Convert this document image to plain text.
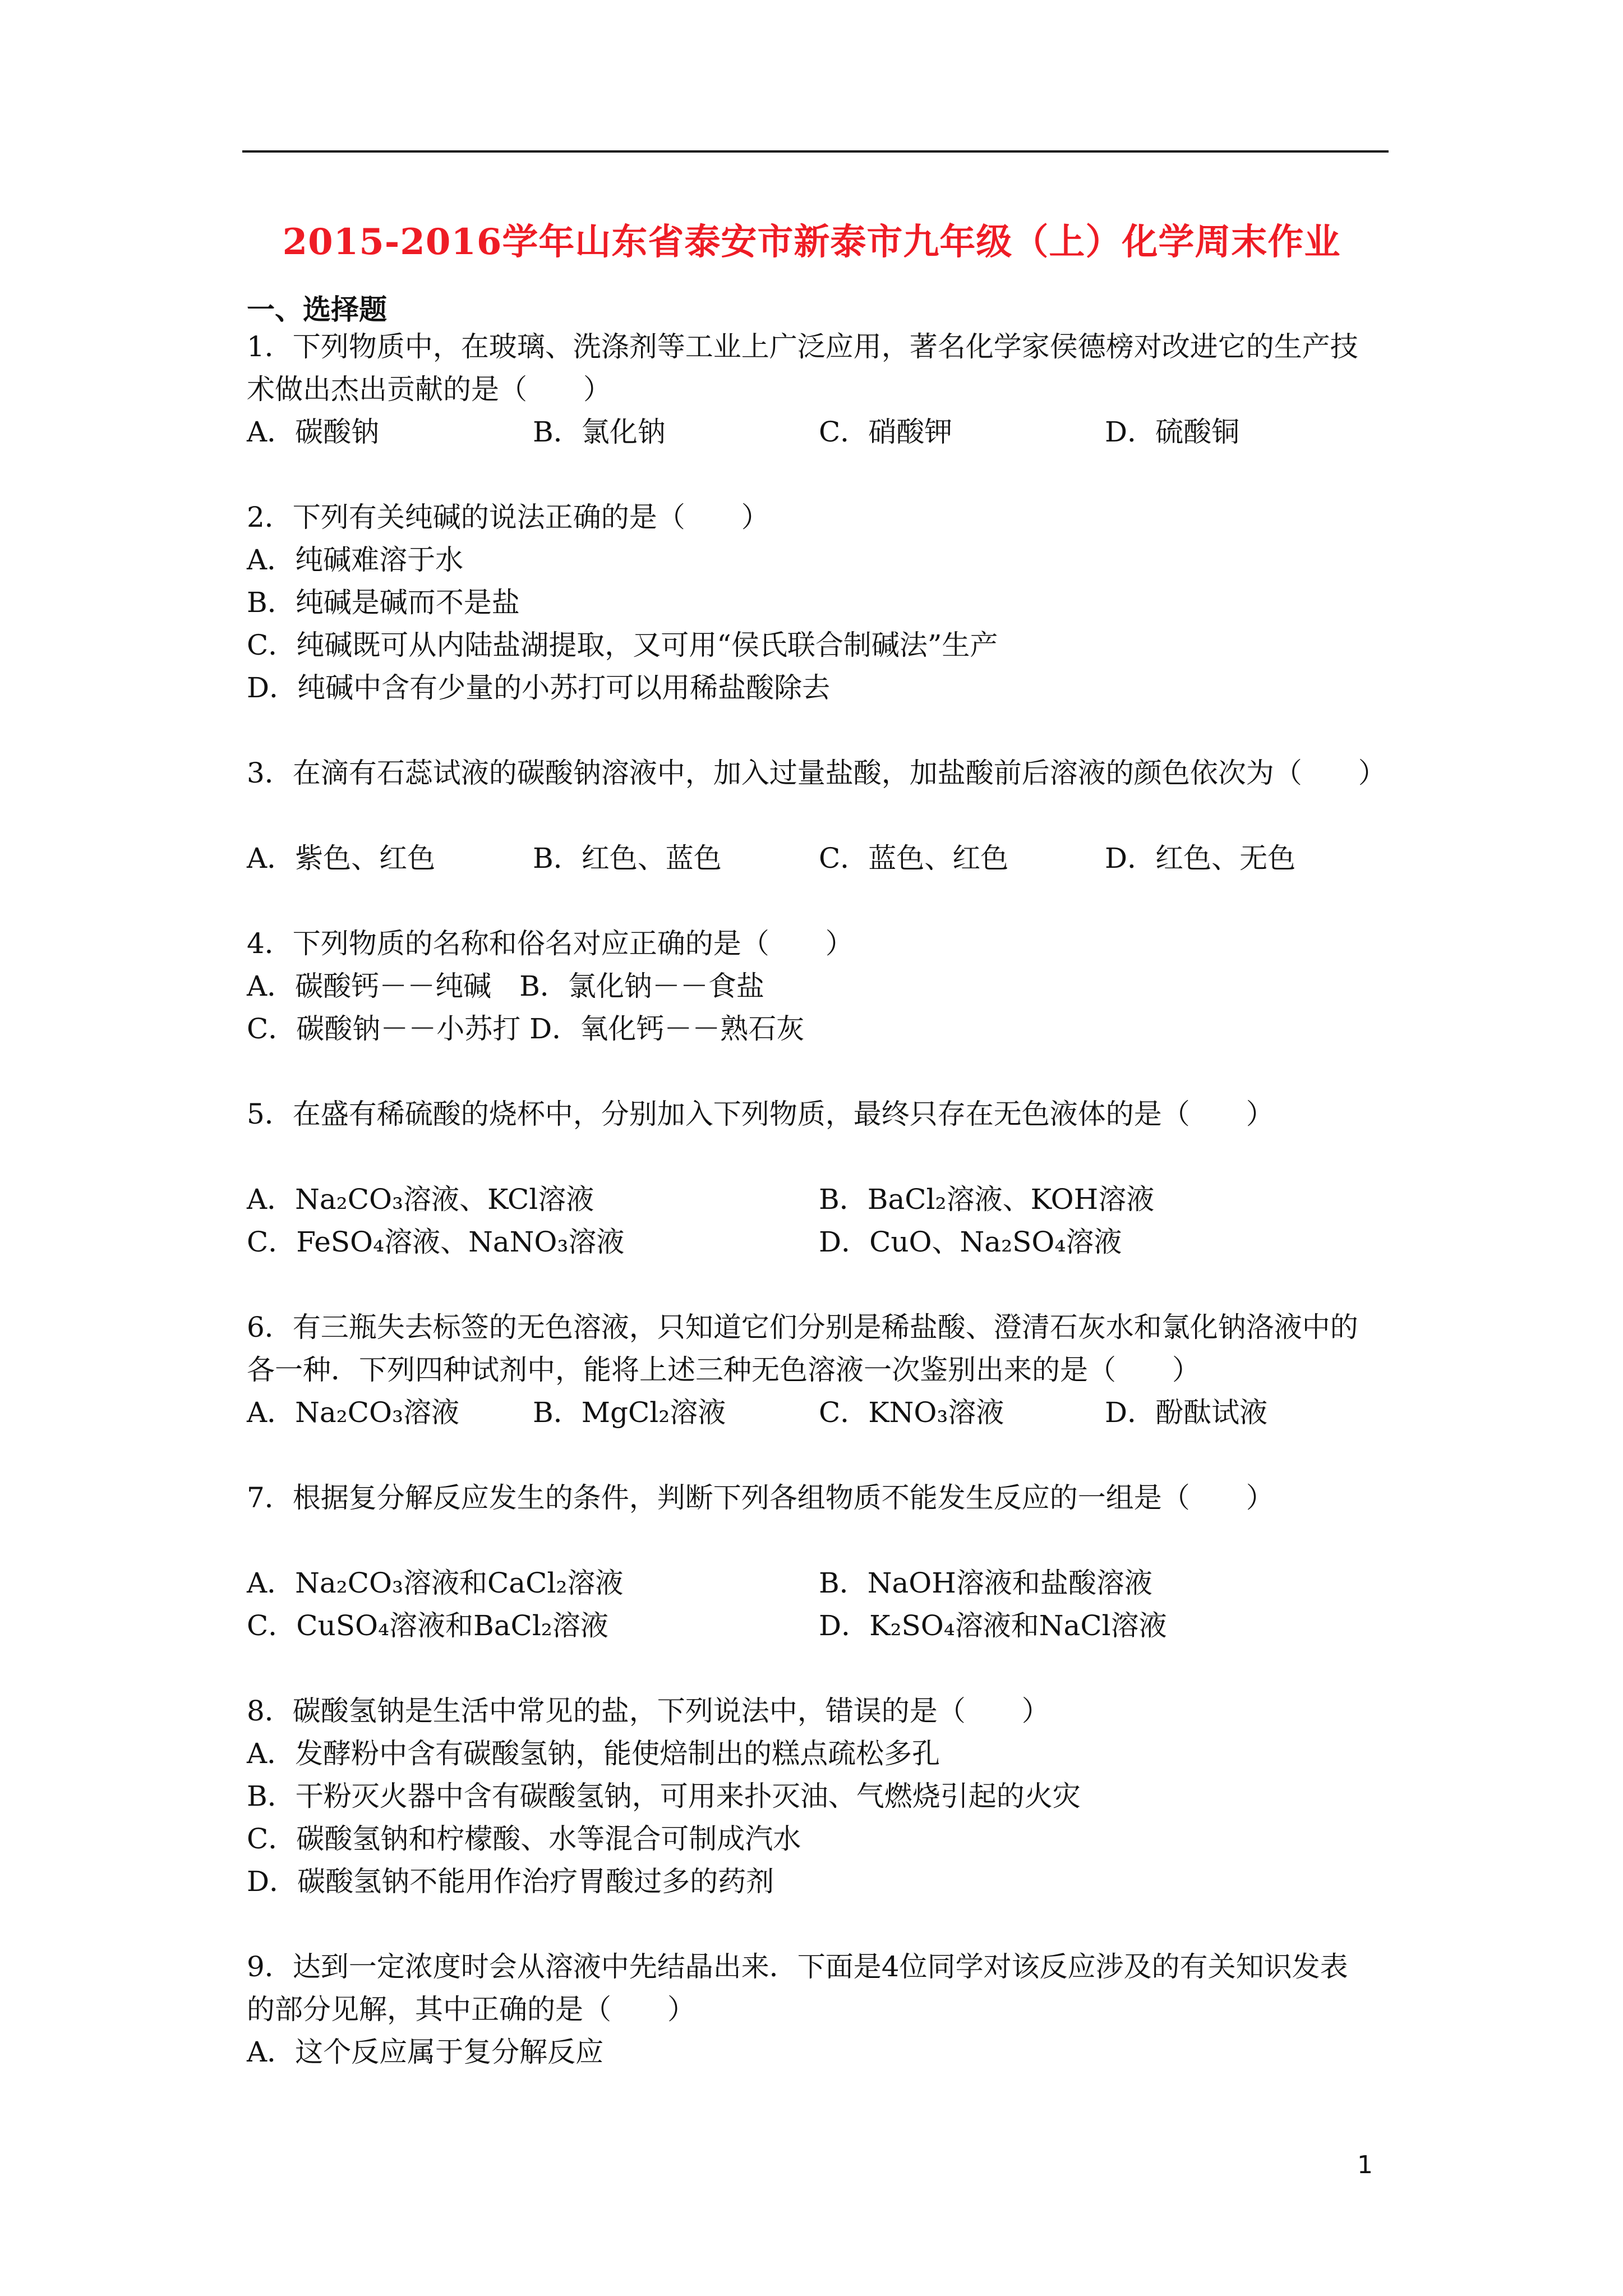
2015-2016学年山东省泰安市新泰市九年级（上）化学周末作业
一、选择题
1．下列物质中，在玻璃、洗涤剂等工业上广泛应用，著名化学家侯德榜对改进它的生产技
术做出杰出贡献的是（　　）
A．碳酸钠	B．氯化钠	C．硝酸钾	D．硫酸铜
2．下列有关纯碱的说法正确的是（　　）
A．纯碱难溶于水
B．纯碱是碱而不是盐
C．纯碱既可从内陆盐湖提取，又可用“侯氏联合制碱法”生产
D．纯碱中含有少量的小苏打可以用稀盐酸除去
3．在滴有石蕊试液的碳酸钠溶液中，加入过量盐酸，加盐酸前后溶液的颜色依次为（　　）
A．紫色、红色	B．红色、蓝色	C．蓝色、红色	D．红色、无色
4．下列物质的名称和俗名对应正确的是（　　）
A．碳酸钙－－纯碱　B．氯化钠－－食盐
C．碳酸钠－－小苏打 D．氧化钙－－熟石灰
5．在盛有稀硫酸的烧杯中，分别加入下列物质，最终只存在无色液体的是（　　）
A．Na₂CO₃溶液、KCl溶液	B．BaCl₂溶液、KOH溶液
C．FeSO₄溶液、NaNO₃溶液	D．CuO、Na₂SO₄溶液
6．有三瓶失去标签的无色溶液，只知道它们分别是稀盐酸、澄清石灰水和氯化钠洛液中的
各一种．下列四种试剂中，能将上述三种无色溶液一次鉴别出来的是（　　）
A．Na₂CO₃溶液	B．MgCl₂溶液	C．KNO₃溶液	D．酚酞试液
7．根据复分解反应发生的条件，判断下列各组物质不能发生反应的一组是（　　）
A．Na₂CO₃溶液和CaCl₂溶液	B．NaOH溶液和盐酸溶液
C．CuSO₄溶液和BaCl₂溶液	D．K₂SO₄溶液和NaCl溶液
8．碳酸氢钠是生活中常见的盐，下列说法中，错误的是（　　）
A．发酵粉中含有碳酸氢钠，能使焙制出的糕点疏松多孔
B．干粉灭火器中含有碳酸氢钠，可用来扑灭油、气燃烧引起的火灾
C．碳酸氢钠和柠檬酸、水等混合可制成汽水
D．碳酸氢钠不能用作治疗胃酸过多的药剂
9．达到一定浓度时会从溶液中先结晶出来．下面是4位同学对该反应涉及的有关知识发表
的部分见解，其中正确的是（　　）
A．这个反应属于复分解反应
1
